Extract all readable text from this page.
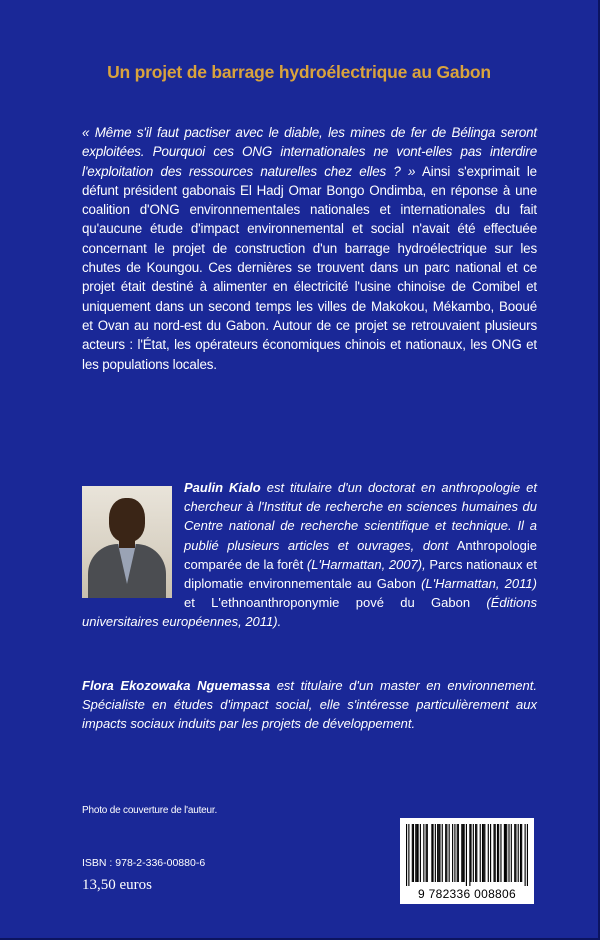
Un projet de barrage hydroélectrique au Gabon
« Même s'il faut pactiser avec le diable, les mines de fer de Bélinga seront exploitées. Pourquoi ces ONG internationales ne vont-elles pas interdire l'exploitation des ressources naturelles chez elles ? » Ainsi s'exprimait le défunt président gabonais El Hadj Omar Bongo Ondimba, en réponse à une coalition d'ONG environnementales nationales et internationales du fait qu'aucune étude d'impact environnemental et social n'avait été effectuée concernant le projet de construction d'un barrage hydroélectrique sur les chutes de Koungou. Ces dernières se trouvent dans un parc national et ce projet était destiné à alimenter en électricité l'usine chinoise de Comibel et uniquement dans un second temps les villes de Makokou, Mékambo, Booué et Ovan au nord-est du Gabon. Autour de ce projet se retrouvaient plusieurs acteurs : l'État, les opérateurs économiques chinois et nationaux, les ONG et les populations locales.
Paulin Kialo est titulaire d'un doctorat en anthropologie et chercheur à l'Institut de recherche en sciences humaines du Centre national de recherche scientifique et technique. Il a publié plusieurs articles et ouvrages, dont Anthropologie comparée de la forêt (L'Harmattan, 2007), Parcs nationaux et diplomatie environnementale au Gabon (L'Harmattan, 2011) et L'ethnoanthroponymie pové du Gabon (Éditions universitaires européennes, 2011).
Flora Ekozowaka Nguemassa est titulaire d'un master en environnement. Spécialiste en études d'impact social, elle s'intéresse particulièrement aux impacts sociaux induits par les projets de développement.
Photo de couverture de l'auteur.
ISBN : 978-2-336-00880-6
13,50 euros
9 782336 008806
